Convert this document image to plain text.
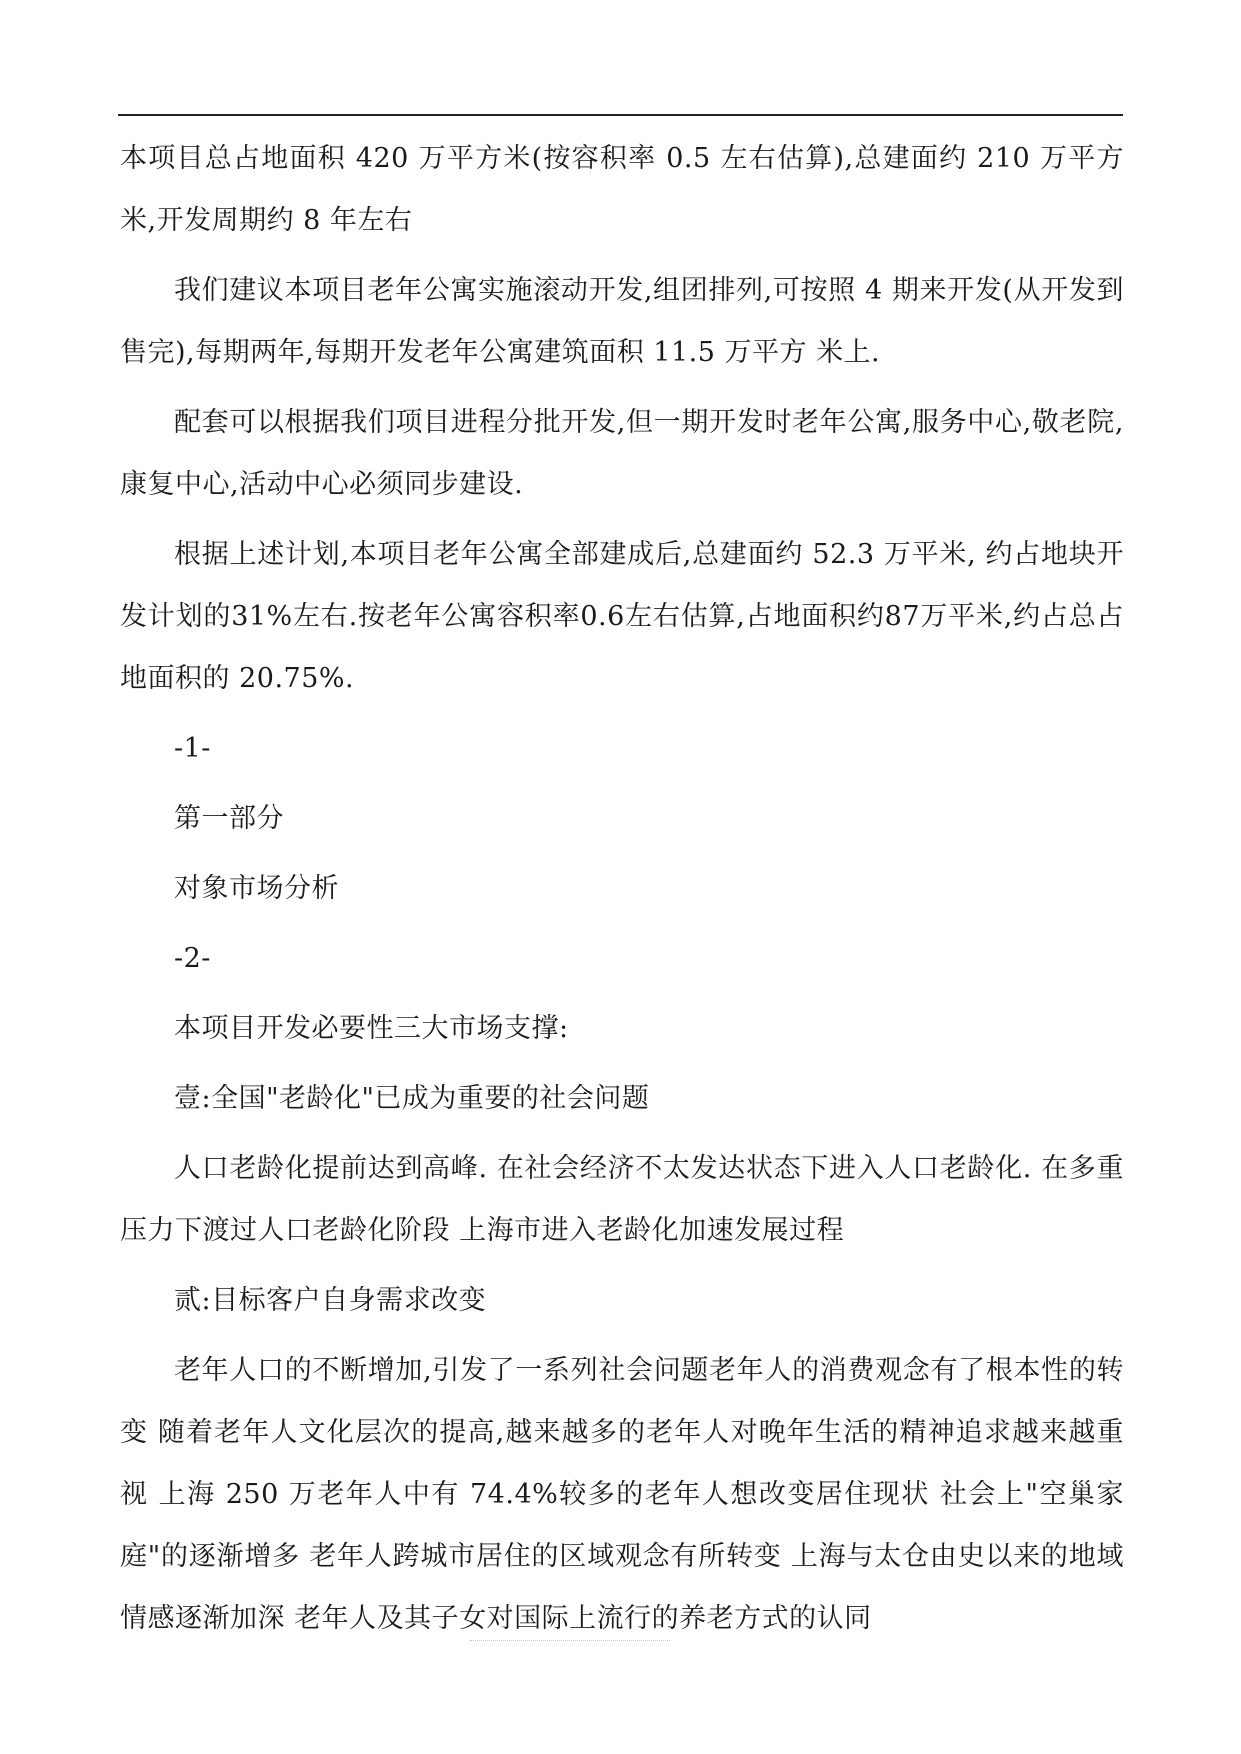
本项目总占地面积 420 万平方米(按容积率 0.5 左右估算),总建面约 210 万平方米,开发周期约 8 年左右

我们建议本项目老年公寓实施滚动开发,组团排列,可按照 4 期来开发(从开发到售完),每期两年,每期开发老年公寓建筑面积 11.5 万平方 米上.

配套可以根据我们项目进程分批开发,但一期开发时老年公寓,服务中心,敬老院,康复中心,活动中心必须同步建设.

根据上述计划,本项目老年公寓全部建成后,总建面约 52.3 万平米, 约占地块开发计划的31%左右.按老年公寓容积率0.6左右估算,占地面积约87万平米,约占总占地面积的 20.75%.

-1-

第一部分

对象市场分析

-2-

本项目开发必要性三大市场支撑:

壹:全国"老龄化"已成为重要的社会问题

人口老龄化提前达到高峰. 在社会经济不太发达状态下进入人口老龄化. 在多重压力下渡过人口老龄化阶段 上海市进入老龄化加速发展过程

贰:目标客户自身需求改变

老年人口的不断增加,引发了一系列社会问题老年人的消费观念有了根本性的转变 随着老年人文化层次的提高,越来越多的老年人对晚年生活的精神追求越来越重视 上海 250 万老年人中有 74.4%较多的老年人想改变居住现状 社会上"空巢家庭"的逐渐增多 老年人跨城市居住的区域观念有所转变 上海与太仓由史以来的地域情感逐渐加深 老年人及其子女对国际上流行的养老方式的认同
